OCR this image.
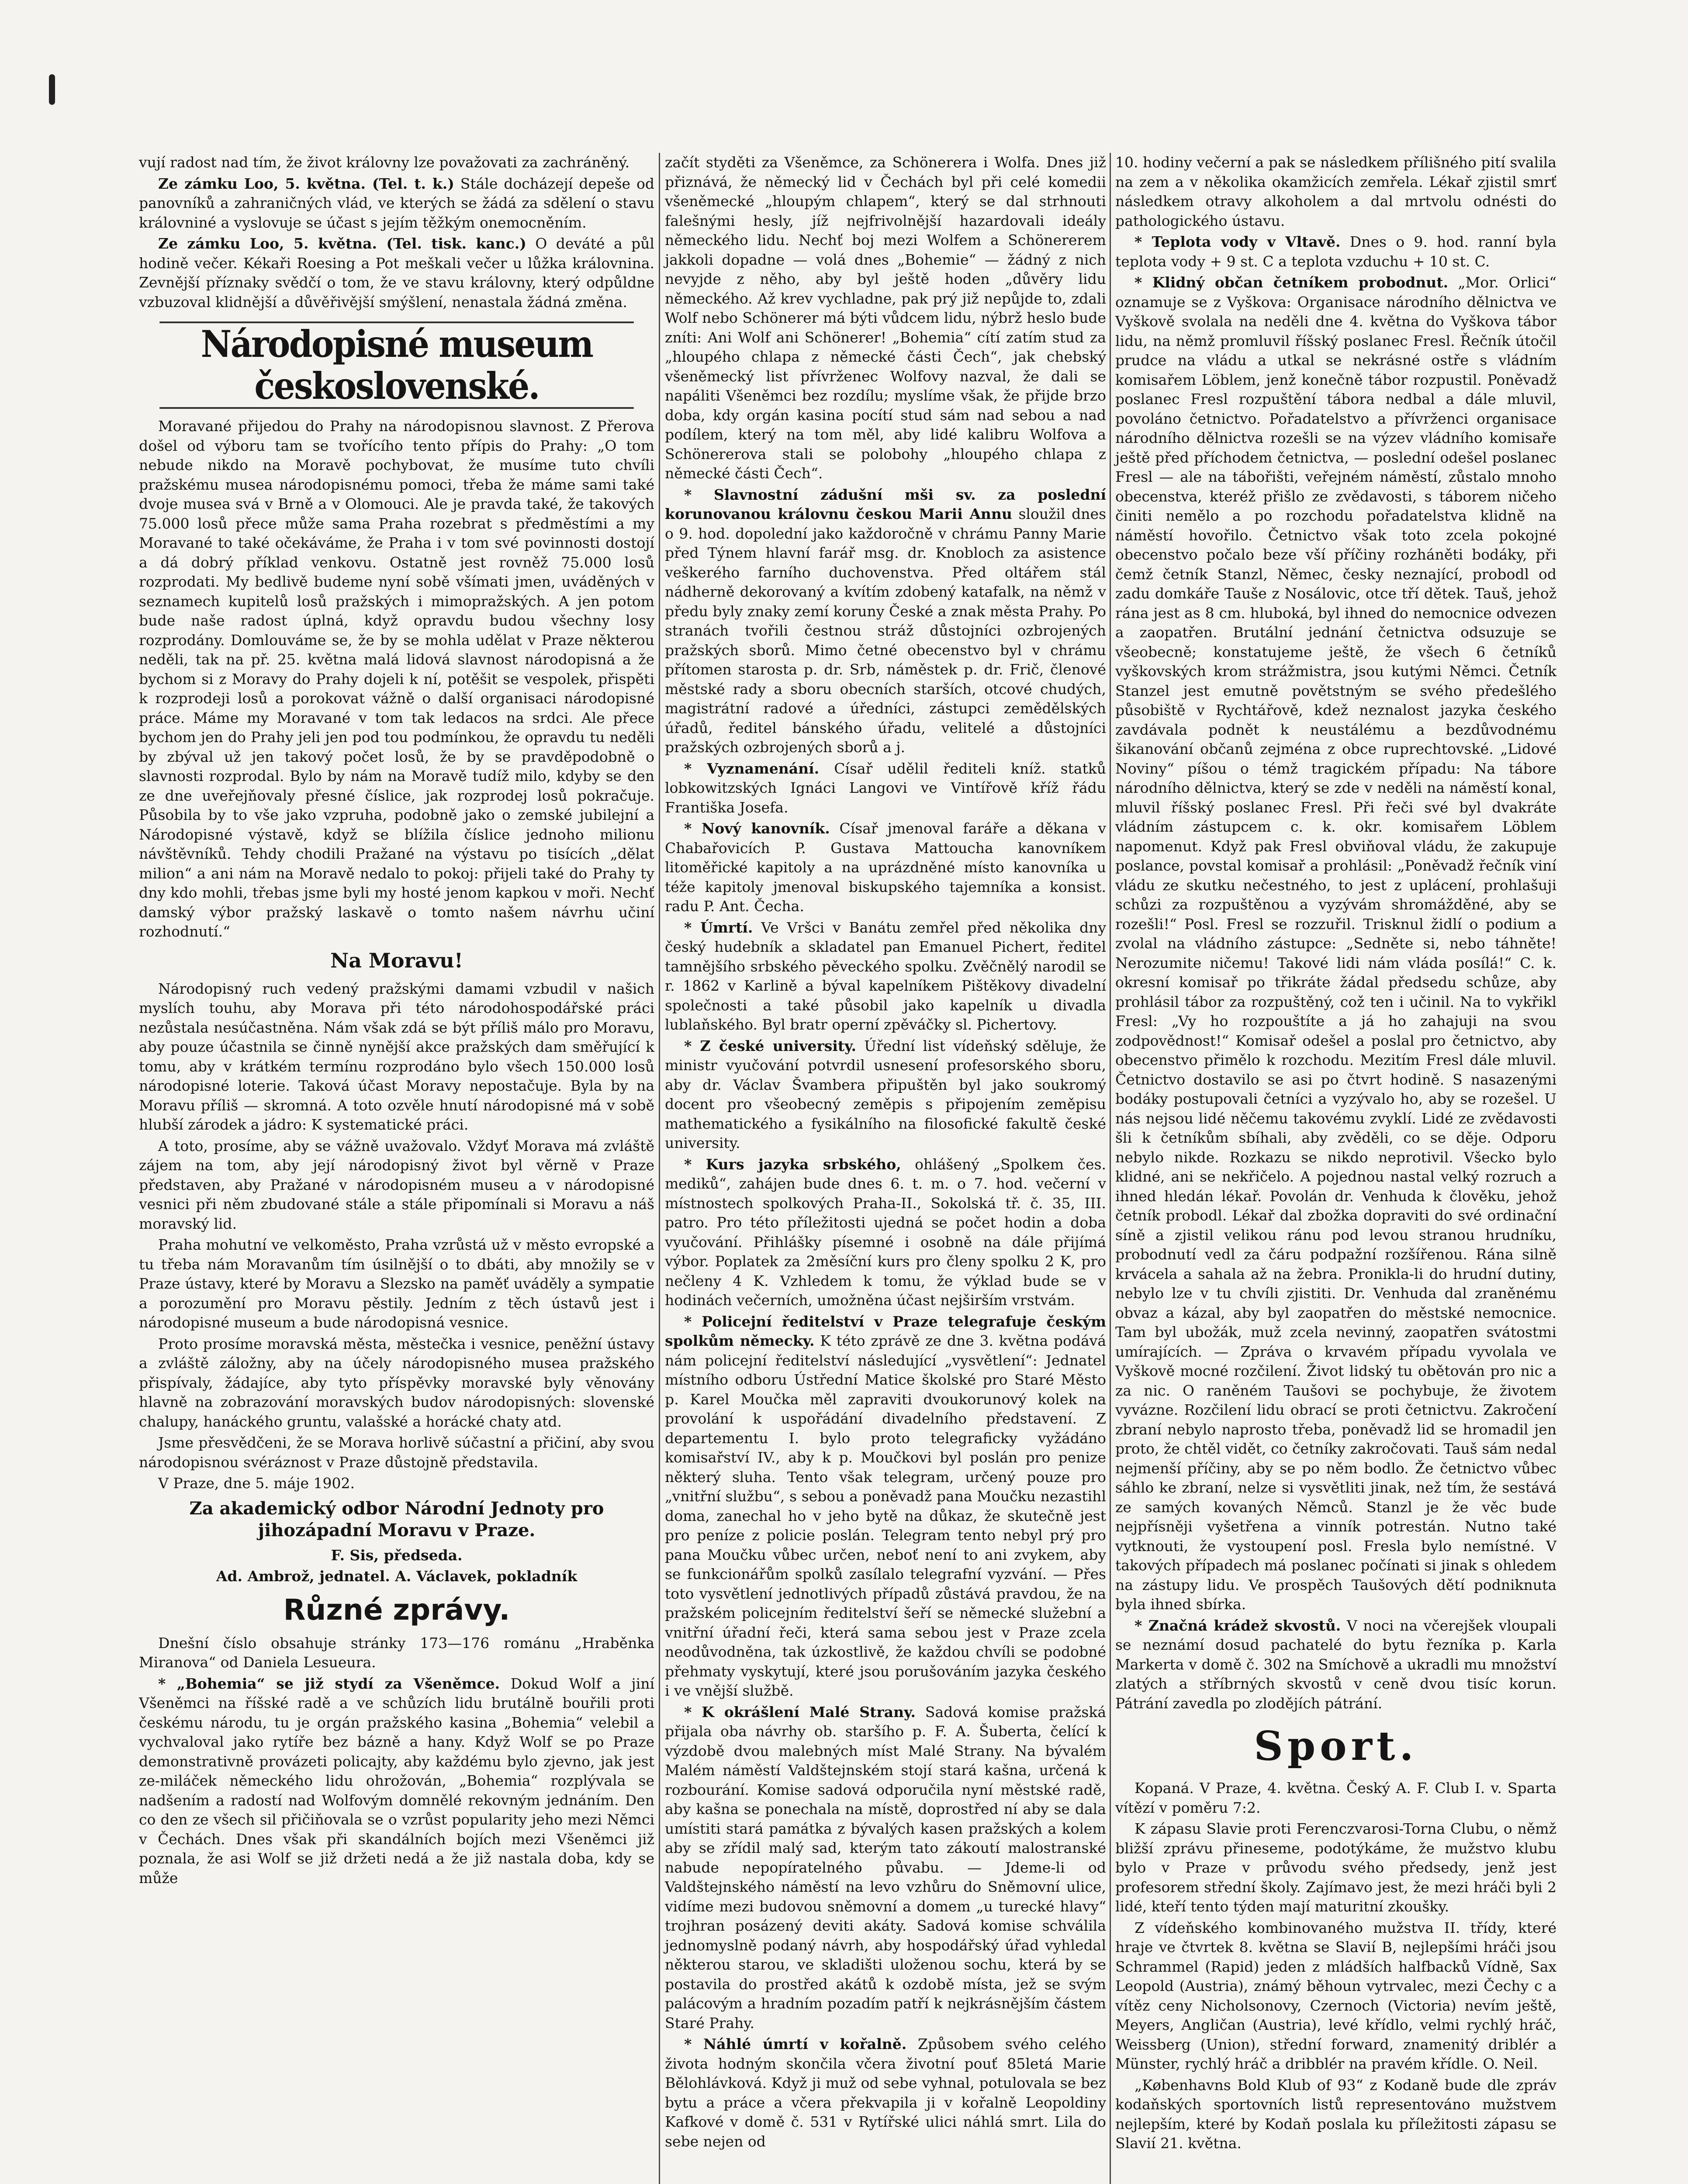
vují radost nad tím, že život královny lze považovati za zachráněný.

Ze zámku Loo, 5. května. (Tel. t. k.) Stále docházejí depeše od panovníků a zahraničných vlád, ve kterých se žádá za sdělení o stavu královniné a vyslovuje se účast s jejím těžkým onemocněním.

Ze zámku Loo, 5. května. (Tel. tisk. kanc.) O deváté a půl hodině večer. Kékaři Roesing a Pot meškali večer u lůžka královnina. Zevnější příznaky svědčí o tom, že ve stavu královny, který odpůldne vzbuzoval klidnější a důvěřivější smýšlení, nenastala žádná změna.

Národopisné museum československé.

Moravané přijedou do Prahy na národopisnou slavnost. Z Přerova došel od výboru tam se tvořícího tento přípis do Prahy: „O tom nebude nikdo na Moravě pochybovat, že musíme tuto chvíli pražskému musea národopisnému pomoci, třeba že máme sami také dvoje musea svá v Brně a v Olomouci. Ale je pravda také, že takových 75.000 losů přece může sama Praha rozebrat s předměstími a my Moravané to také očekáváme, že Praha i v tom své povinnosti dostojí a dá dobrý příklad venkovu. Ostatně jest rovněž 75.000 losů rozprodati. My bedlivě budeme nyní sobě všímati jmen, uváděných v seznamech kupitelů losů pražských i mimopražských. A jen potom bude naše radost úplná, když opravdu budou všechny losy rozprodány. Domlouváme se, že by se mohla udělat v Praze některou neděli, tak na př. 25. května malá lidová slavnost národopisná a že bychom si z Moravy do Prahy dojeli k ní, potěšit se vespolek, přispěti k rozprodeji losů a porokovat vážně o další organisaci národopisné práce. Máme my Moravané v tom tak ledacos na srdci. Ale přece bychom jen do Prahy jeli jen pod tou podmínkou, že opravdu tu neděli by zbýval už jen takový počet losů, že by se pravděpodobně o slavnosti rozprodal. Bylo by nám na Moravě tudíž milo, kdyby se den ze dne uveřejňovaly přesné číslice, jak rozprodej losů pokračuje. Působila by to vše jako vzpruha, podobně jako o zemské jubilejní a Národopisné výstavě, když se blížila číslice jednoho milionu návštěvníků. Tehdy chodili Pražané na výstavu po tisících „dělat milion“ a ani nám na Moravě nedalo to pokoj: přijeli také do Prahy ty dny kdo mohli, třebas jsme byli my hosté jenom kapkou v moři. Nechť damský výbor pražský laskavě o tomto našem návrhu učiní rozhodnutí.“

Na Moravu!

Národopisný ruch vedený pražskými damami vzbudil v našich myslích touhu, aby Morava při této národohospodářské práci nezůstala nesúčastněna. Nám však zdá se být příliš málo pro Moravu, aby pouze účastnila se činně nynější akce pražských dam směřující k tomu, aby v krátkém termínu rozprodáno bylo všech 150.000 losů národopisné loterie. Taková účast Moravy nepostačuje. Byla by na Moravu příliš — skromná. A toto ozvěle hnutí národopisné má v sobě hlubší zárodek a jádro: K systematické práci.

A toto, prosíme, aby se vážně uvažovalo. Vždyť Morava má zvláště zájem na tom, aby její národopisný život byl věrně v Praze představen, aby Pražané v národopisném museu a v národopisné vesnici při něm zbudované stále a stále připomínali si Moravu a náš moravský lid.

Praha mohutní ve velkoměsto, Praha vzrůstá už v město evropské a tu třeba nám Moravanům tím úsilnější o to dbáti, aby množily se v Praze ústavy, které by Moravu a Slezsko na paměť uváděly a sympatie a porozumění pro Moravu pěstily. Jedním z těch ústavů jest i národopisné museum a bude národopisná vesnice.

Proto prosíme moravská města, městečka i vesnice, peněžní ústavy a zvláště záložny, aby na účely národopisného musea pražského přispívaly, žádajíce, aby tyto příspěvky moravské byly věnovány hlavně na zobrazování moravských budov národopisných: slovenské chalupy, hanáckého gruntu, valašské a horácké chaty atd.

Jsme přesvědčeni, že se Morava horlivě súčastní a přičiní, aby svou národopisnou svéráznost v Praze důstojně představila.

V Praze, dne 5. máje 1902.

Za akademický odbor Národní Jednoty pro jihozápadní Moravu v Praze.
F. Sis, předseda.
Ad. Ambrož, jednatel. A. Václavek, pokladník
Různé zprávy.

Dnešní číslo obsahuje stránky 173—176 románu „Hraběnka Miranova“ od Daniela Lesueura.

* „Bohemia“ se již stydí za Všeněmce. Dokud Wolf a jiní Všeněmci na říšské radě a ve schůzích lidu brutálně bouřili proti českému národu, tu je orgán pražského kasina „Bohemia“ velebil a vychvaloval jako rytíře bez bázně a hany. Když Wolf se po Praze demonstrativně provázeti policajty, aby každému bylo zjevno, jak jest ze-miláček německého lidu ohrožován, „Bohemia“ rozplývala se nadšením a radostí nad Wolfovým domnělé rekovným jednáním. Den co den ze všech sil přičiňovala se o vzrůst popularity jeho mezi Němci v Čechách. Dnes však při skandálních bojích mezi Všeněmci již poznala, že asi Wolf se již držeti nedá a že již nastala doba, kdy se může

začít styděti za Všeněmce, za Schönerera i Wolfa. Dnes již přiznává, že německý lid v Čechách byl při celé komedii všeněmecké „hloupým chlapem“, který se dal strhnouti falešnými hesly, jíž nejfrivolnější hazardovali ideály německého lidu. Nechť boj mezi Wolfem a Schönererem jakkoli dopadne — volá dnes „Bohemie“ — žádný z nich nevyjde z něho, aby byl ještě hoden „důvěry lidu německého. Až krev vychladne, pak prý již nepůjde to, zdali Wolf nebo Schönerer má býti vůdcem lidu, nýbrž heslo bude zníti: Ani Wolf ani Schönerer! „Bohemia“ cítí zatím stud za „hloupého chlapa z německé části Čech“, jak chebský všeněmecký list přívrženec Wolfovy nazval, že dali se napáliti Všeněmci bez rozdílu; myslíme však, že přijde brzo doba, kdy orgán kasina pocítí stud sám nad sebou a nad podílem, který na tom měl, aby lidé kalibru Wolfova a Schönererova stali se polobohy „hloupého chlapa z německé části Čech“.

* Slavnostní zádušní mši sv. za poslední korunovanou královnu českou Marii Annu sloužil dnes o 9. hod. dopolední jako každoročně v chrámu Panny Marie před Týnem hlavní farář msg. dr. Knobloch za asistence veškerého farního duchovenstva. Před oltářem stál nádherně dekorovaný a kvítím zdobený katafalk, na němž v předu byly znaky zemí koruny České a znak města Prahy. Po stranách tvořili čestnou stráž důstojníci ozbrojených pražských sborů. Mimo četné obecenstvo byl v chrámu přítomen starosta p. dr. Srb, náměstek p. dr. Frič, členové městské rady a sboru obecních starších, otcové chudých, magistrátní radové a úředníci, zástupci zemědělských úřadů, ředitel bánského úřadu, velitelé a důstojníci pražských ozbrojených sborů a j.

* Vyznamenání. Císař udělil řediteli kníž. statků lobkowitzských Ignáci Langovi ve Vintířově kříž řádu Františka Josefa.

* Nový kanovník. Císař jmenoval faráře a děkana v Chabařovicích P. Gustava Mattoucha kanovníkem litoměřické kapitoly a na uprázdněné místo kanovníka u téže kapitoly jmenoval biskupského tajemníka a konsist. radu P. Ant. Čecha.

* Úmrtí. Ve Vršci v Banátu zemřel před několika dny český hudebník a skladatel pan Emanuel Pichert, ředitel tamnějšího srbského pěveckého spolku. Zvěčnělý narodil se r. 1862 v Karlině a býval kapelníkem Pištěkovy divadelní společnosti a také působil jako kapelník u divadla lublaňského. Byl bratr operní zpěváčky sl. Pichertovy.

* Z české university. Úřední list vídeňský sděluje, že ministr vyučování potvrdil usnesení profesorského sboru, aby dr. Václav Švambera připuštěn byl jako soukromý docent pro všeobecný zeměpis s připojením zeměpisu mathematického a fysikálního na filosofické fakultě české university.

* Kurs jazyka srbského, ohlášený „Spolkem čes. mediků“, zahájen bude dnes 6. t. m. o 7. hod. večerní v místnostech spolkových Praha-II., Sokolská tř. č. 35, III. patro. Pro této příležitosti ujedná se počet hodin a doba vyučování. Přihlášky písemné i osobně na dále přijímá výbor. Poplatek za 2měsíční kurs pro členy spolku 2 K, pro nečleny 4 K. Vzhledem k tomu, že výklad bude se v hodinách večerních, umožněna účast nejširším vrstvám.

* Policejní ředitelství v Praze telegrafuje českým spolkům německy. K této zprávě ze dne 3. května podává nám policejní ředitelství následující „vysvětlení“: Jednatel místního odboru Ústřední Matice školské pro Staré Město p. Karel Moučka měl zapraviti dvoukorunový kolek na provolání k uspořádání divadelního představení. Z departementu I. bylo proto telegraficky vyžádáno komisařství IV., aby k p. Moučkovi byl poslán pro penize některý sluha. Tento však telegram, určený pouze pro „vnitřní službu“, s sebou a poněvadž pana Moučku nezastihl doma, zanechal ho v jeho bytě na důkaz, že skutečně jest pro peníze z policie poslán. Telegram tento nebyl prý pro pana Moučku vůbec určen, neboť není to ani zvykem, aby se funkcionářům spolků zasílalo telegrafní vyzvání. — Přes toto vysvětlení jednotlivých případů zůstává pravdou, že na pražském policejním ředitelství šeří se německé služební a vnitřní úřadní řeči, která sama sebou jest v Praze zcela neodůvodněna, tak úzkostlivě, že každou chvíli se podobné přehmaty vyskytují, které jsou porušováním jazyka českého i ve vnější službě.

* K okrášlení Malé Strany. Sadová komise pražská přijala oba návrhy ob. staršího p. F. A. Šuberta, čelící k výzdobě dvou malebných míst Malé Strany. Na bývalém Malém náměstí Valdštejnském stojí stará kašna, určená k rozbourání. Komise sadová odporučila nyní městské radě, aby kašna se ponechala na místě, doprostřed ní aby se dala umístiti stará památka z bývalých kasen pražských a kolem aby se zřídil malý sad, kterým tato zákoutí malostranské nabude nepopíratelného půvabu. — Jdeme-li od Valdštejnského náměstí na levo vzhůru do Sněmovní ulice, vidíme mezi budovou sněmovní a domem „u turecké hlavy“ trojhran posázený deviti akáty. Sadová komise schválila jednomyslně podaný návrh, aby hospodářský úřad vyhledal některou starou, ve skladišti uloženou sochu, která by se postavila do prostřed akátů k ozdobě místa, jež se svým palácovým a hradním pozadím patří k nejkrásnějším částem Staré Prahy.

* Náhlé úmrtí v kořalně. Způsobem svého celého života hodným skončila včera životní pouť 85letá Marie Bělohlávková. Když ji muž od sebe vyhnal, potulovala se bez bytu a práce a včera překvapila ji v kořalně Leopoldiny Kafkové v domě č. 531 v Rytířské ulici náhlá smrt. Lila do sebe nejen od

10. hodiny večerní a pak se následkem přílišného pití svalila na zem a v několika okamžicích zemřela. Lékař zjistil smrť následkem otravy alkoholem a dal mrtvolu odnésti do pathologického ústavu.

* Teplota vody v Vltavě. Dnes o 9. hod. ranní byla teplota vody + 9 st. C a teplota vzduchu + 10 st. C.

* Klidný občan četníkem probodnut. „Mor. Orlici“ oznamuje se z Vyškova: Organisace národního dělnictva ve Vyškově svolala na neděli dne 4. května do Vyškova tábor lidu, na němž promluvil říšský poslanec Fresl. Řečník útočil prudce na vládu a utkal se nekrásné ostře s vládním komisařem Löblem, jenž konečně tábor rozpustil. Poněvadž poslanec Fresl rozpuštění tábora nedbal a dále mluvil, povoláno četnictvo. Pořadatelstvo a přívrženci organisace národního dělnictva rozešli se na výzev vládního komisaře ještě před příchodem četnictva, — poslední odešel poslanec Fresl — ale na tábořišti, veřejném náměstí, zůstalo mnoho obecenstva, kteréž přišlo ze zvědavosti, s táborem ničeho činiti nemělo a po rozchodu pořadatelstva klidně na náměstí hovořilo. Četnictvo však toto zcela pokojné obecenstvo počalo beze vší příčiny rozháněti bodáky, při čemž četník Stanzl, Němec, česky neznající, probodl od zadu domkáře Tauše z Nosálovic, otce tří dětek. Tauš, jehož rána jest as 8 cm. hluboká, byl ihned do nemocnice odvezen a zaopatřen. Brutální jednání četnictva odsuzuje se všeobecně; konstatujeme ještě, že všech 6 četníků vyškovských krom strážmistra, jsou kutými Němci. Četník Stanzel jest emutně povětstným se svého předešlého působiště v Rychtářově, kdež neznalost jazyka českého zavdávala podnět k neustálému a bezdůvodnému šikanování občanů zejména z obce ruprechtovské. „Lidové Noviny“ píšou o témž tragickém případu: Na tábore národního dělnictva, který se zde v neděli na náměstí konal, mluvil říšský poslanec Fresl. Při řeči své byl dvakráte vládním zástupcem c. k. okr. komisařem Löblem napomenut. Když pak Fresl obviňoval vládu, že zakupuje poslance, povstal komisař a prohlásil: „Poněvadž řečník viní vládu ze skutku nečestného, to jest z uplácení, prohlašuji schůzi za rozpuštěnou a vyzývám shromážděné, aby se rozešli!“ Posl. Fresl se rozzuřil. Trisknul židlí o podium a zvolal na vládního zástupce: „Sedněte si, nebo táhněte! Nerozumite ničemu! Takové lidi nám vláda posílá!“ C. k. okresní komisař po třikráte žádal předsedu schůze, aby prohlásil tábor za rozpuštěný, což ten i učinil. Na to vykřikl Fresl: „Vy ho rozpouštíte a já ho zahajuji na svou zodpovědnost!“ Komisař odešel a poslal pro četnictvo, aby obecenstvo přimělo k rozchodu. Mezitím Fresl dále mluvil. Četnictvo dostavilo se asi po čtvrt hodině. S nasazenými bodáky postupovali četníci a vyzývalo ho, aby se rozešel. U nás nejsou lidé něčemu takovému zvyklí. Lidé ze zvědavosti šli k četníkům sbíhali, aby zvěděli, co se děje. Odporu nebylo nikde. Rozkazu se nikdo neprotivil. Všecko bylo klidné, ani se nekřičelo. A pojednou nastal velký rozruch a ihned hledán lékař. Povolán dr. Venhuda k člověku, jehož četník probodl. Lékař dal zbožka dopraviti do své ordinační síně a zjistil velikou ránu pod levou stranou hrudníku, probodnutí vedl za čáru podpažní rozšířenou. Rána silně krvácela a sahala až na žebra. Pronikla-li do hrudní dutiny, nebylo lze v tu chvíli zjistiti. Dr. Venhuda dal zraněnému obvaz a kázal, aby byl zaopatřen do městské nemocnice. Tam byl ubožák, muž zcela nevinný, zaopatřen svátostmi umírajících. — Zpráva o krvavém případu vyvolala ve Vyškově mocné rozčilení. Život lidský tu obětován pro nic a za nic. O raněném Taušovi se pochybuje, že životem vyvázne. Rozčilení lidu obrací se proti četnictvu. Zakročení zbraní nebylo naprosto třeba, poněvadž lid se hromadil jen proto, že chtěl vidět, co četníky zakročovati. Tauš sám nedal nejmenší příčiny, aby se po něm bodlo. Že četnictvo vůbec sáhlo ke zbraní, nelze si vysvětliti jinak, než tím, že sestává ze samých kovaných Němců. Stanzl je že věc bude nejpřísněji vyšetřena a vinník potrestán. Nutno také vytknouti, že vystoupení posl. Fresla bylo nemístné. V takových případech má poslanec počínati si jinak s ohledem na zástupy lidu. Ve prospěch Taušových dětí podniknuta byla ihned sbírka.

* Značná krádež skvostů. V noci na včerejšek vloupali se neznámí dosud pachatelé do bytu řezníka p. Karla Markerta v domě č. 302 na Smíchově a ukradli mu množství zlatých a stříbrných skvostů v ceně dvou tisíc korun. Pátrání zavedla po zlodějích pátrání.

Sport.

Kopaná. V Praze, 4. května. Český A. F. Club I. v. Sparta vítězí v poměru 7:2.

K zápasu Slavie proti Ferenczvarosi-Torna Clubu, o němž bližší zprávu přineseme, podotýkáme, že mužstvo klubu bylo v Praze v průvodu svého předsedy, jenž jest profesorem střední školy. Zajímavo jest, že mezi hráči byli 2 lidé, kteří tento týden mají maturitní zkoušky.

Z vídeňského kombinovaného mužstva II. třídy, které hraje ve čtvrtek 8. května se Slavií B, nejlepšími hráči jsou Schrammel (Rapid) jeden z mládších halfbacků Vídně, Sax Leopold (Austria), známý běhoun vytrvalec, mezi Čechy c a vítěz ceny Nicholsonovy, Czernoch (Victoria) nevím ještě, Meyers, Angličan (Austria), levé křídlo, velmi rychlý hráč, Weissberg (Union), střední forward, znamenitý driblér a Münster, rychlý hráč a dribblér na pravém křídle. O. Neil.

„Københavns Bold Klub of 93“ z Kodaně bude dle zpráv kodaňských sportovních listů representováno mužstvem nejlepším, které by Kodaň poslala ku příležitosti zápasu se Slavií 21. května.
